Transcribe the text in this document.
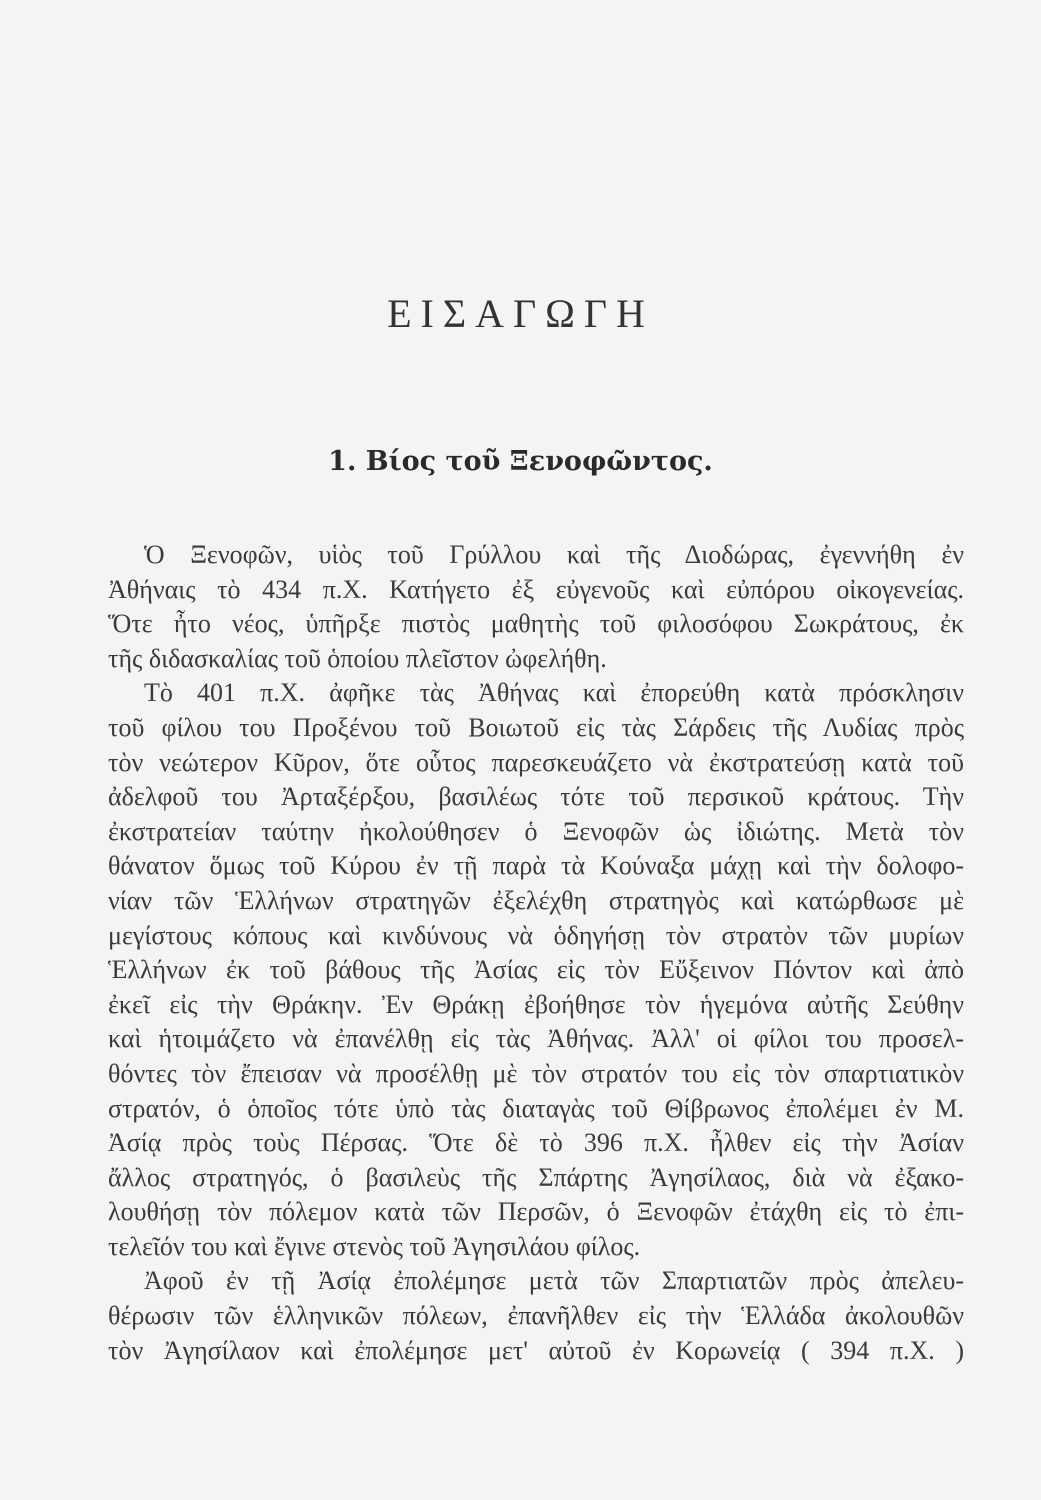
ΕΙΣΑΓΩΓΗ
1. Βίος τοῦ Ξενοφῶντος.
Ὁ Ξενοφῶν, υἱὸς τοῦ Γρύλλου καὶ τῆς Διοδώρας, ἐγεννήθη ἐν
Ἀθήναις τὸ 434 π.Χ. Κατήγετο ἐξ εὐγενοῦς καὶ εὐπόρου οἰκογενείας.
Ὅτε ἦτο νέος, ὑπῆρξε πιστὸς μαθητὴς τοῦ φιλοσόφου Σωκράτους, ἐκ
τῆς διδασκαλίας τοῦ ὁποίου πλεῖστον ὠφελήθη.
Τὸ 401 π.Χ. ἀφῆκε τὰς Ἀθήνας καὶ ἐπορεύθη κατὰ πρόσκλησιν
τοῦ φίλου του Προξένου τοῦ Βοιωτοῦ εἰς τὰς Σάρδεις τῆς Λυδίας πρὸς
τὸν νεώτερον Κῦρον, ὅτε οὗτος παρεσκευάζετο νὰ ἐκστρατεύσῃ κατὰ τοῦ
ἀδελφοῦ του Ἀρταξέρξου, βασιλέως τότε τοῦ περσικοῦ κράτους. Τὴν
ἐκστρατείαν ταύτην ἠκολούθησεν ὁ Ξενοφῶν ὡς ἰδιώτης. Μετὰ τὸν
θάνατον ὅμως τοῦ Κύρου ἐν τῇ παρὰ τὰ Κούναξα μάχῃ καὶ τὴν δολοφο-
νίαν τῶν Ἑλλήνων στρατηγῶν ἐξελέχθη στρατηγὸς καὶ κατώρθωσε μὲ
μεγίστους κόπους καὶ κινδύνους νὰ ὁδηγήσῃ τὸν στρατὸν τῶν μυρίων
Ἑλλήνων ἐκ τοῦ βάθους τῆς Ἀσίας εἰς τὸν Εὔξεινον Πόντον καὶ ἀπὸ
ἐκεῖ εἰς τὴν Θράκην. Ἐν Θράκῃ ἐβοήθησε τὸν ἡγεμόνα αὐτῆς Σεύθην
καὶ ἡτοιμάζετο νὰ ἐπανέλθῃ εἰς τὰς Ἀθήνας. Ἀλλ' οἱ φίλοι του προσελ-
θόντες τὸν ἔπεισαν νὰ προσέλθῃ μὲ τὸν στρατόν του εἰς τὸν σπαρτιατικὸν
στρατόν, ὁ ὁποῖος τότε ὑπὸ τὰς διαταγὰς τοῦ Θίβρωνος ἐπολέμει ἐν Μ.
Ἀσίᾳ πρὸς τοὺς Πέρσας. Ὅτε δὲ τὸ 396 π.Χ. ἦλθεν εἰς τὴν Ἀσίαν
ἄλλος στρατηγός, ὁ βασιλεὺς τῆς Σπάρτης Ἀγησίλαος, διὰ νὰ ἐξακο-
λουθήσῃ τὸν πόλεμον κατὰ τῶν Περσῶν, ὁ Ξενοφῶν ἐτάχθη εἰς τὸ ἐπι-
τελεῖόν του καὶ ἔγινε στενὸς τοῦ Ἀγησιλάου φίλος.
Ἀφοῦ ἐν τῇ Ἀσίᾳ ἐπολέμησε μετὰ τῶν Σπαρτιατῶν πρὸς ἀπελευ-
θέρωσιν τῶν ἑλληνικῶν πόλεων, ἐπανῆλθεν εἰς τὴν Ἑλλάδα ἀκολουθῶν
τὸν Ἀγησίλαον καὶ ἐπολέμησε μετ' αὐτοῦ ἐν Κορωνείᾳ ( 394 π.Χ. )
